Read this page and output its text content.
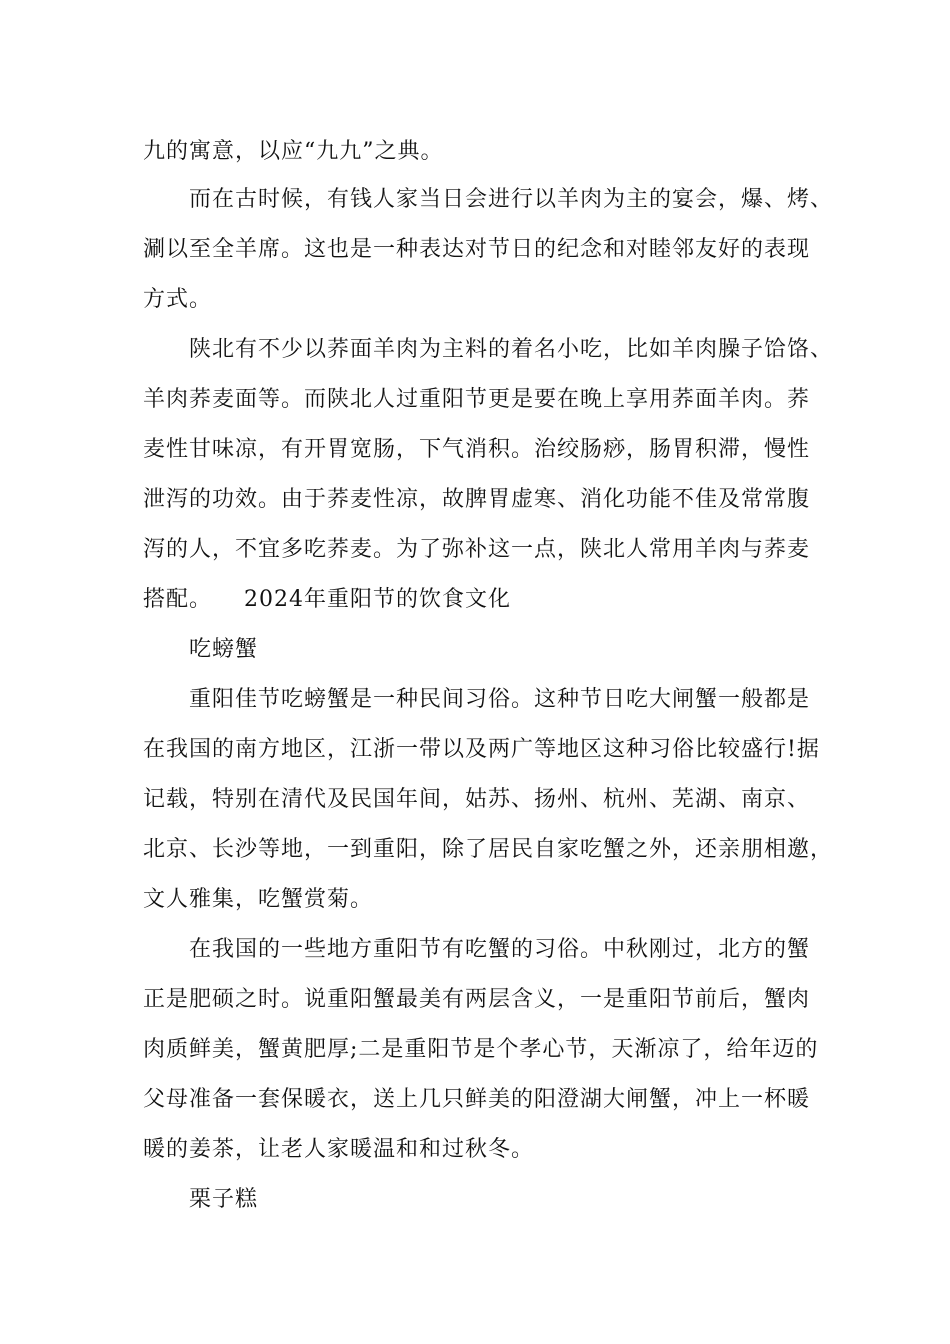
九的寓意，以应“九九”之典。
而在古时候，有钱人家当日会进行以羊肉为主的宴会，爆、烤、
涮以至全羊席。这也是一种表达对节日的纪念和对睦邻友好的表现
方式。
陕北有不少以荞面羊肉为主料的着名小吃，比如羊肉臊子饸饹、
羊肉荞麦面等。而陕北人过重阳节更是要在晚上享用荞面羊肉。荞
麦性甘味凉，有开胃宽肠，下气消积。治绞肠痧，肠胃积滞，慢性
泄泻的功效。由于荞麦性凉，故脾胃虚寒、消化功能不佳及常常腹
泻的人，不宜多吃荞麦。为了弥补这一点，陕北人常用羊肉与荞麦
搭配。    2024年重阳节的饮食文化
吃螃蟹
重阳佳节吃螃蟹是一种民间习俗。这种节日吃大闸蟹一般都是
在我国的南方地区，江浙一带以及两广等地区这种习俗比较盛行!据
记载，特别在清代及民国年间，姑苏、扬州、杭州、芜湖、南京、
北京、长沙等地，一到重阳，除了居民自家吃蟹之外，还亲朋相邀，
文人雅集，吃蟹赏菊。
在我国的一些地方重阳节有吃蟹的习俗。中秋刚过，北方的蟹
正是肥硕之时。说重阳蟹最美有两层含义，一是重阳节前后，蟹肉
肉质鲜美，蟹黄肥厚;二是重阳节是个孝心节，天渐凉了，给年迈的
父母准备一套保暖衣，送上几只鲜美的阳澄湖大闸蟹，冲上一杯暖
暖的姜茶，让老人家暖温和和过秋冬。
栗子糕
